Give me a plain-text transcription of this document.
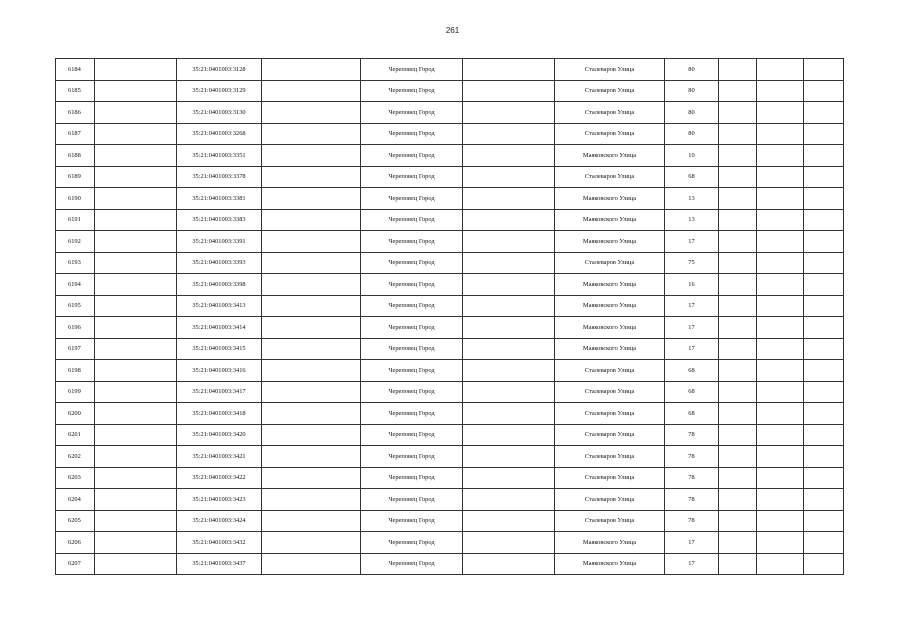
261
6184		35:21:0401003:3128		Череповец Город		Сталеваров Улица	80			
6185		35:21:0401003:3129		Череповец Город		Сталеваров Улица	80			
6186		35:21:0401003:3130		Череповец Город		Сталеваров Улица	80			
6187		35:21:0401003:3268		Череповец Город		Сталеваров Улица	80			
6188		35:21:0401003:3351		Череповец Город		Маяковского Улица	10			
6189		35:21:0401003:3378		Череповец Город		Сталеваров Улица	68			
6190		35:21:0401003:3381		Череповец Город		Маяковского Улица	13			
6191		35:21:0401003:3383		Череповец Город		Маяковского Улица	13			
6192		35:21:0401003:3391		Череповец Город		Маяковского Улица	17			
6193		35:21:0401003:3393		Череповец Город		Сталеваров Улица	75			
6194		35:21:0401003:3398		Череповец Город		Маяковского Улица	16			
6195		35:21:0401003:3413		Череповец Город		Маяковского Улица	17			
6196		35:21:0401003:3414		Череповец Город		Маяковского Улица	17			
6197		35:21:0401003:3415		Череповец Город		Маяковского Улица	17			
6198		35:21:0401003:3416		Череповец Город		Сталеваров Улица	68			
6199		35:21:0401003:3417		Череповец Город		Сталеваров Улица	68			
6200		35:21:0401003:3418		Череповец Город		Сталеваров Улица	68			
6201		35:21:0401003:3420		Череповец Город		Сталеваров Улица	78			
6202		35:21:0401003:3421		Череповец Город		Сталеваров Улица	78			
6203		35:21:0401003:3422		Череповец Город		Сталеваров Улица	78			
6204		35:21:0401003:3423		Череповец Город		Сталеваров Улица	78			
6205		35:21:0401003:3424		Череповец Город		Сталеваров Улица	78			
6206		35:21:0401003:3432		Череповец Город		Маяковского Улица	17			
6207		35:21:0401003:3437		Череповец Город		Маяковского Улица	17			
